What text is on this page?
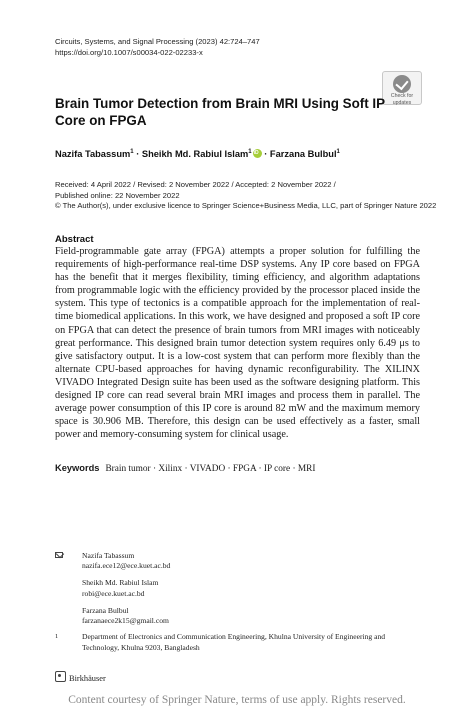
Circuits, Systems, and Signal Processing (2023) 42:724–747
https://doi.org/10.1007/s00034-022-02233-x
Check for
updates
Brain Tumor Detection from Brain MRI Using Soft IP Core on FPGA
Nazifa Tabassum$^1$ · Sheikh Md. Rabiul Islam$^1$iD · Farzana Bulbul$^1$
Received: 4 April 2022 / Revised: 2 November 2022 / Accepted: 2 November 2022 /
Published online: 22 November 2022
© The Author(s), under exclusive licence to Springer Science+Business Media, LLC, part of Springer Nature 2022
Abstract
Field-programmable gate array (FPGA) attempts a proper solution for fulfilling the requirements of high-performance real-time DSP systems. Any IP core based on FPGA has the benefit that it merges flexibility, timing efficiency, and algorithm adaptations from programmable logic with the efficiency provided by the processor placed inside the system. This type of tectonics is a compatible approach for the implementation of real-time biomedical applications. In this work, we have designed and proposed a soft IP core on FPGA that can detect the presence of brain tumors from MRI images with noticeably great performance. This designed brain tumor detection system requires only 6.49 μs to give satisfactory output. It is a low-cost system that can perform more flexibly than the alternate CPU-based approaches for having dynamic reconfigurability. The XILINX VIVADO Integrated Design suite has been used as the software designing platform. This designed IP core can read several brain MRI images and process them in parallel. The average power consumption of this IP core is around 82 mW and the maximum memory space is 30.906 MB. Therefore, this design can be used effectively as a faster, small power and memory-consuming system for clinical usage.
Keywords Brain tumor · Xilinx · VIVADO · FPGA · IP core · MRI
Nazifa Tabassum
nazifa.ece12@ece.kuet.ac.bd
Sheikh Md. Rabiul Islam
robi@ece.kuet.ac.bd
Farzana Bulbul
farzanaece2k15@gmail.com
1	Department of Electronics and Communication Engineering, Khulna University of Engineering and
Technology, Khulna 9203, Bangladesh
Birkhäuser
Content courtesy of Springer Nature, terms of use apply. Rights reserved.
